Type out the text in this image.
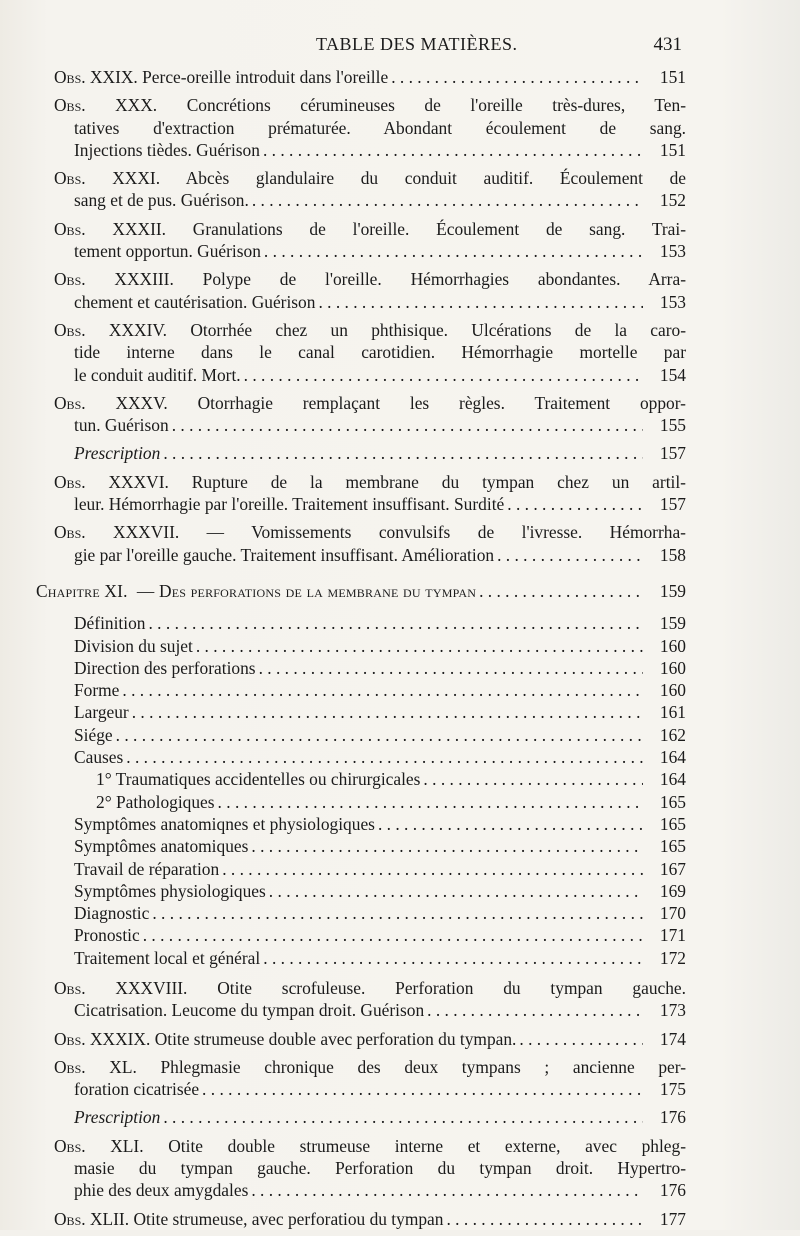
TABLE DES MATIÈRES.	431
Obs. XXIX. Perce-oreille introduit dans l'oreille . . .	151
Obs. XXX. Concrétions cérumineuses de l'oreille très-dures, Ten-
tatives d'extraction prématurée. Abondant écoulement de sang.
Injections tièdes. Guérison . . .	151
Obs. XXXI. Abcès glandulaire du conduit auditif. Écoulement de
sang et de pus. Guérison. . . .	152
Obs. XXXII. Granulations de l'oreille. Écoulement de sang. Trai-
tement opportun. Guérison . . .	153
Obs. XXXIII. Polype de l'oreille. Hémorrhagies abondantes. Arra-
chement et cautérisation. Guérison . . .	153
Obs. XXXIV. Otorrhée chez un phthisique. Ulcérations de la caro-
tide interne dans le canal carotidien. Hémorrhagie mortelle par
le conduit auditif. Mort. . . .	154
Obs. XXXV. Otorrhagie remplaçant les règles. Traitement oppor-
tun. Guérison . . .	155
Prescription . . .	157
Obs. XXXVI. Rupture de la membrane du tympan chez un artil-
leur. Hémorrhagie par l'oreille. Traitement insuffisant. Surdité . . .	157
Obs. XXXVII. — Vomissements convulsifs de l'ivresse. Hémorrha-
gie par l'oreille gauche. Traitement insuffisant. Amélioration . . .	158
Chapitre XI. — Des perforations de la membrane du tympan . . .	159
Définition . . .	159
Division du sujet . . .	160
Direction des perforations . . .	160
Forme . . .	160
Largeur . . .	161
Siége . . .	162
Causes . . .	164
1° Traumatiques accidentelles ou chirurgicales . . .	164
2° Pathologiques . . .	165
Symptômes anatomiqnes et physiologiques . . .	165
Symptômes anatomiques . . .	165
Travail de réparation . . .	167
Symptômes physiologiques . . .	169
Diagnostic . . .	170
Pronostic . . .	171
Traitement local et général . . .	172
Obs. XXXVIII. Otite scrofuleuse. Perforation du tympan gauche.
Cicatrisation. Leucome du tympan droit. Guérison . . .	173
Obs. XXXIX. Otite strumeuse double avec perforation du tympan. . . .	174
Obs. XL. Phlegmasie chronique des deux tympans ; ancienne per-
foration cicatrisée . . .	175
Prescription . . .	176
Obs. XLI. Otite double strumeuse interne et externe, avec phleg-
masie du tympan gauche. Perforation du tympan droit. Hypertro-
phie des deux amygdales . . .	176
Obs. XLII. Otite strumeuse, avec perforatiou du tympan . . .	177
